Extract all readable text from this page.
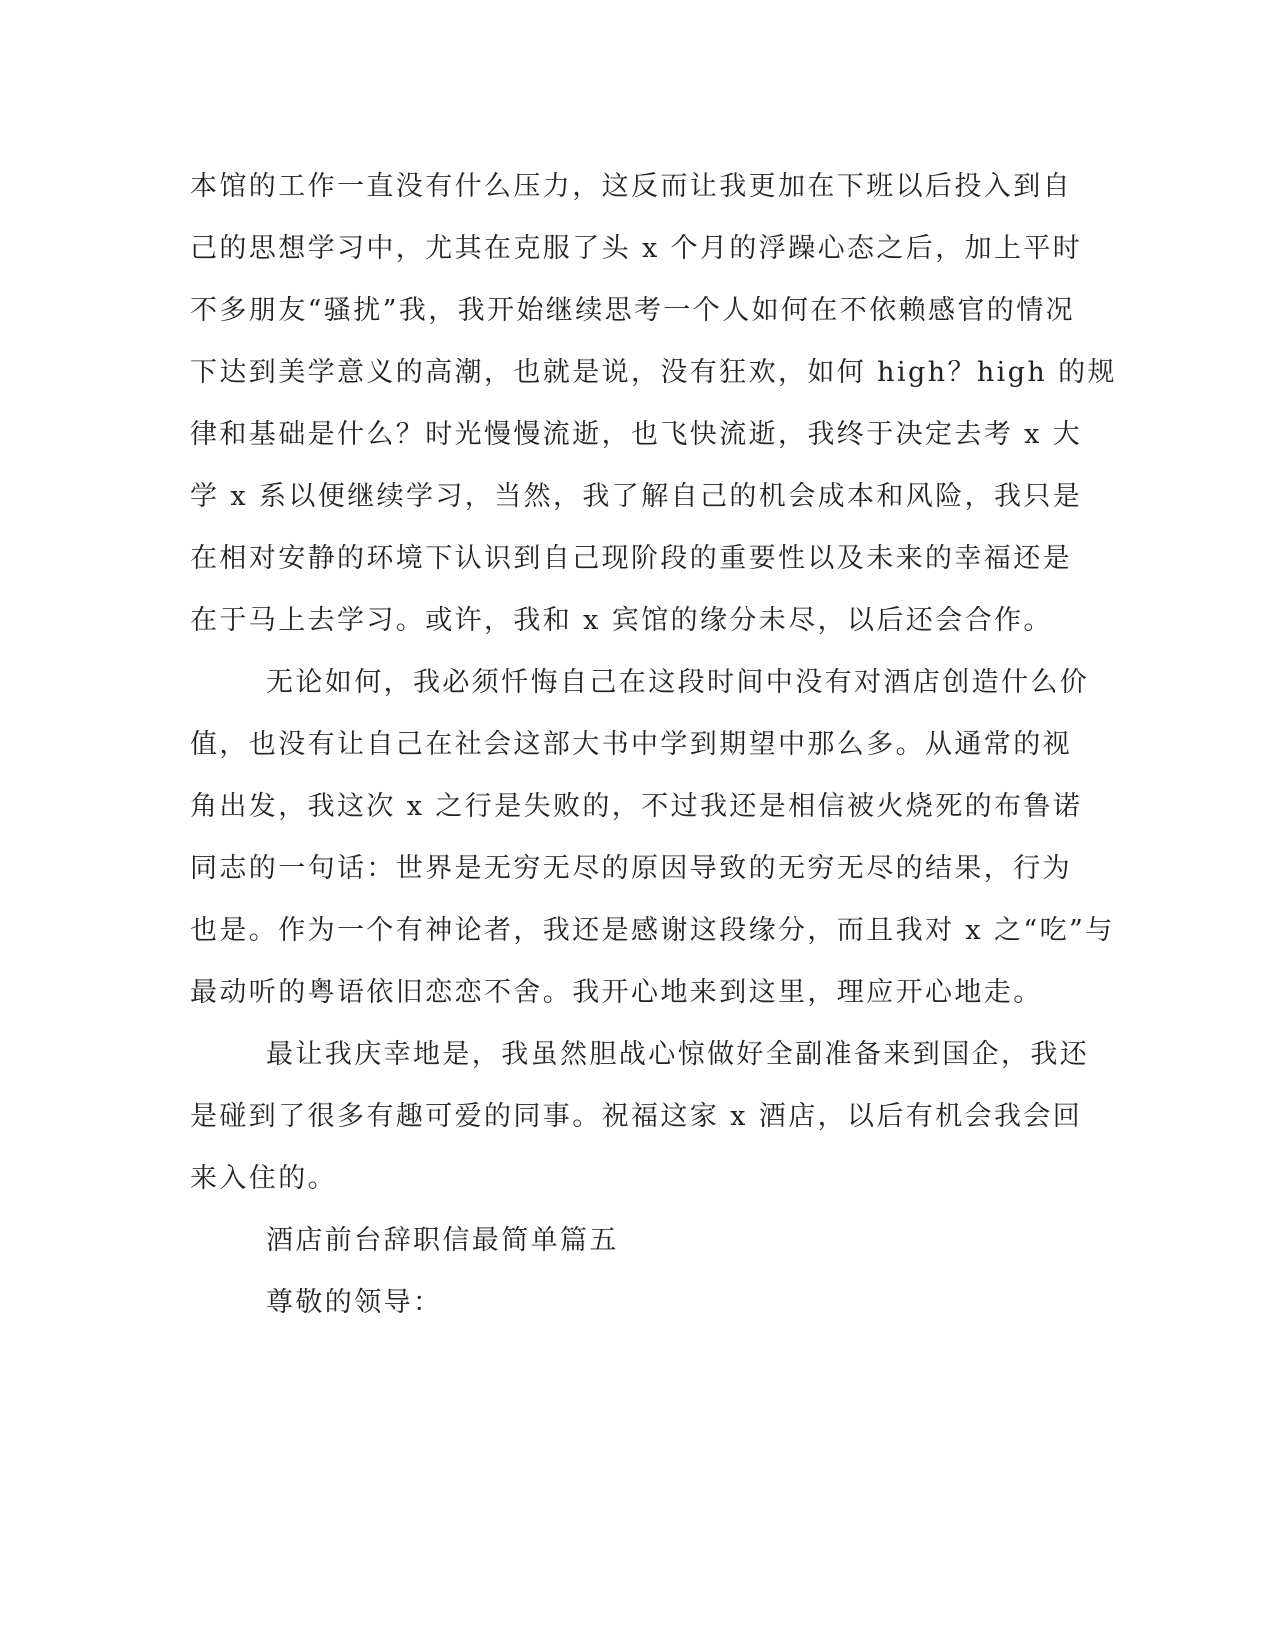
本馆的工作一直没有什么压力，这反而让我更加在下班以后投入到自
己的思想学习中，尤其在克服了头 x 个月的浮躁心态之后，加上平时
不多朋友“骚扰”我，我开始继续思考一个人如何在不依赖感官的情况
下达到美学意义的高潮，也就是说，没有狂欢，如何 high？high 的规
律和基础是什么？时光慢慢流逝，也飞快流逝，我终于决定去考 x 大
学 x 系以便继续学习，当然，我了解自己的机会成本和风险，我只是
在相对安静的环境下认识到自己现阶段的重要性以及未来的幸福还是
在于马上去学习。或许，我和 x 宾馆的缘分未尽，以后还会合作。
无论如何，我必须忏悔自己在这段时间中没有对酒店创造什么价
值，也没有让自己在社会这部大书中学到期望中那么多。从通常的视
角出发，我这次 x 之行是失败的，不过我还是相信被火烧死的布鲁诺
同志的一句话：世界是无穷无尽的原因导致的无穷无尽的结果，行为
也是。作为一个有神论者，我还是感谢这段缘分，而且我对 x 之“吃”与
最动听的粤语依旧恋恋不舍。我开心地来到这里，理应开心地走。
最让我庆幸地是，我虽然胆战心惊做好全副准备来到国企，我还
是碰到了很多有趣可爱的同事。祝福这家 x 酒店，以后有机会我会回
来入住的。
酒店前台辞职信最简单篇五
尊敬的领导：
